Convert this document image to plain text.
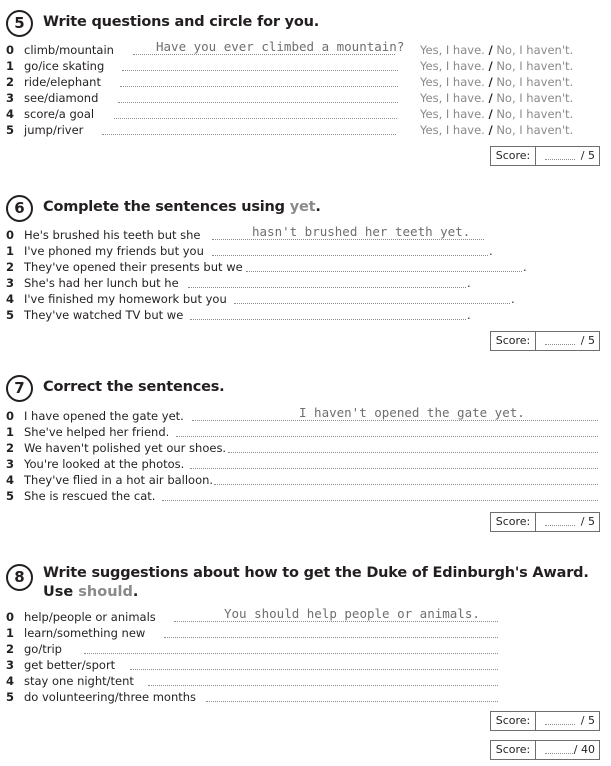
5	Write questions and circle for you.
0 climb/mountain	Have you ever climbed a mountain? Yes, I have. / No, I haven't.
1 go/ice skating	Yes, I have. / No, I haven't.
2 ride/elephant	Yes, I have. / No, I haven't.
3 see/diamond	Yes, I have. / No, I haven't.
4 score/a goal	Yes, I have. / No, I haven't.
5 jump/river	Yes, I have. / No, I haven't.
Score:	/ 5
6	Complete the sentences using yet.
0 He's brushed his teeth but she	hasn't brushed her teeth yet.
1 I've phoned my friends but you	.
2 They've opened their presents but we	.
3 She's had her lunch but he	.
4 I've finished my homework but you	.
5 They've watched TV but we	.
Score:	/ 5
7	Correct the sentences.
0 I have opened the gate yet.	I haven't opened the gate yet.
1 She've helped her friend.
2 We haven't polished yet our shoes.
3 You're looked at the photos.
4 They've flied in a hot air balloon.
5 She is rescued the cat.
Score:	/ 5
8	Write suggestions about how to get the Duke of Edinburgh's Award.
Use should.
0 help/people or animals	You should help people or animals.
1 learn/something new
2 go/trip
3 get better/sport
4 stay one night/tent
5 do volunteering/three months
Score:	/ 5
Score:	/ 40
